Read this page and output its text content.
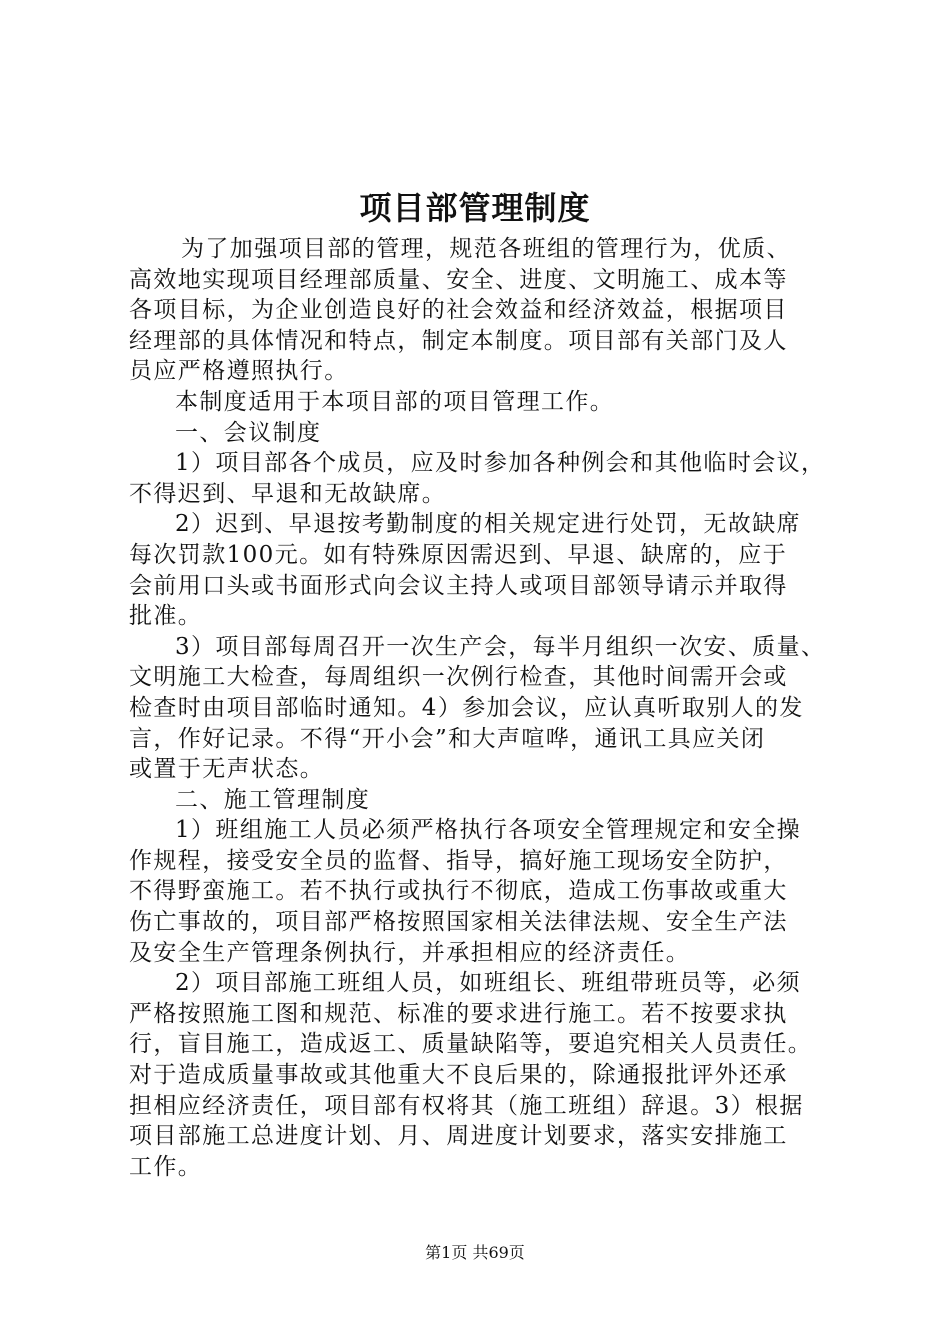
项目部管理制度
为了加强项目部的管理，规范各班组的管理行为，优质、
高效地实现项目经理部质量、安全、进度、文明施工、成本等
各项目标，为企业创造良好的社会效益和经济效益，根据项目
经理部的具体情况和特点，制定本制度。项目部有关部门及人
员应严格遵照执行。
本制度适用于本项目部的项目管理工作。
一、会议制度
1）项目部各个成员，应及时参加各种例会和其他临时会议，
不得迟到、早退和无故缺席。
2）迟到、早退按考勤制度的相关规定进行处罚，无故缺席
每次罚款100元。如有特殊原因需迟到、早退、缺席的，应于
会前用口头或书面形式向会议主持人或项目部领导请示并取得
批准。
3）项目部每周召开一次生产会，每半月组织一次安、质量、
文明施工大检查，每周组织一次例行检查，其他时间需开会或
检查时由项目部临时通知。4）参加会议，应认真听取别人的发
言，作好记录。不得“开小会”和大声喧哗，通讯工具应关闭
或置于无声状态。
二、施工管理制度
1）班组施工人员必须严格执行各项安全管理规定和安全操
作规程，接受安全员的监督、指导，搞好施工现场安全防护，
不得野蛮施工。若不执行或执行不彻底，造成工伤事故或重大
伤亡事故的，项目部严格按照国家相关法律法规、安全生产法
及安全生产管理条例执行，并承担相应的经济责任。
2）项目部施工班组人员，如班组长、班组带班员等，必须
严格按照施工图和规范、标准的要求进行施工。若不按要求执
行，盲目施工，造成返工、质量缺陷等，要追究相关人员责任。
对于造成质量事故或其他重大不良后果的，除通报批评外还承
担相应经济责任，项目部有权将其（施工班组）辞退。3）根据
项目部施工总进度计划、月、周进度计划要求，落实安排施工
工作。
第1页 共69页
